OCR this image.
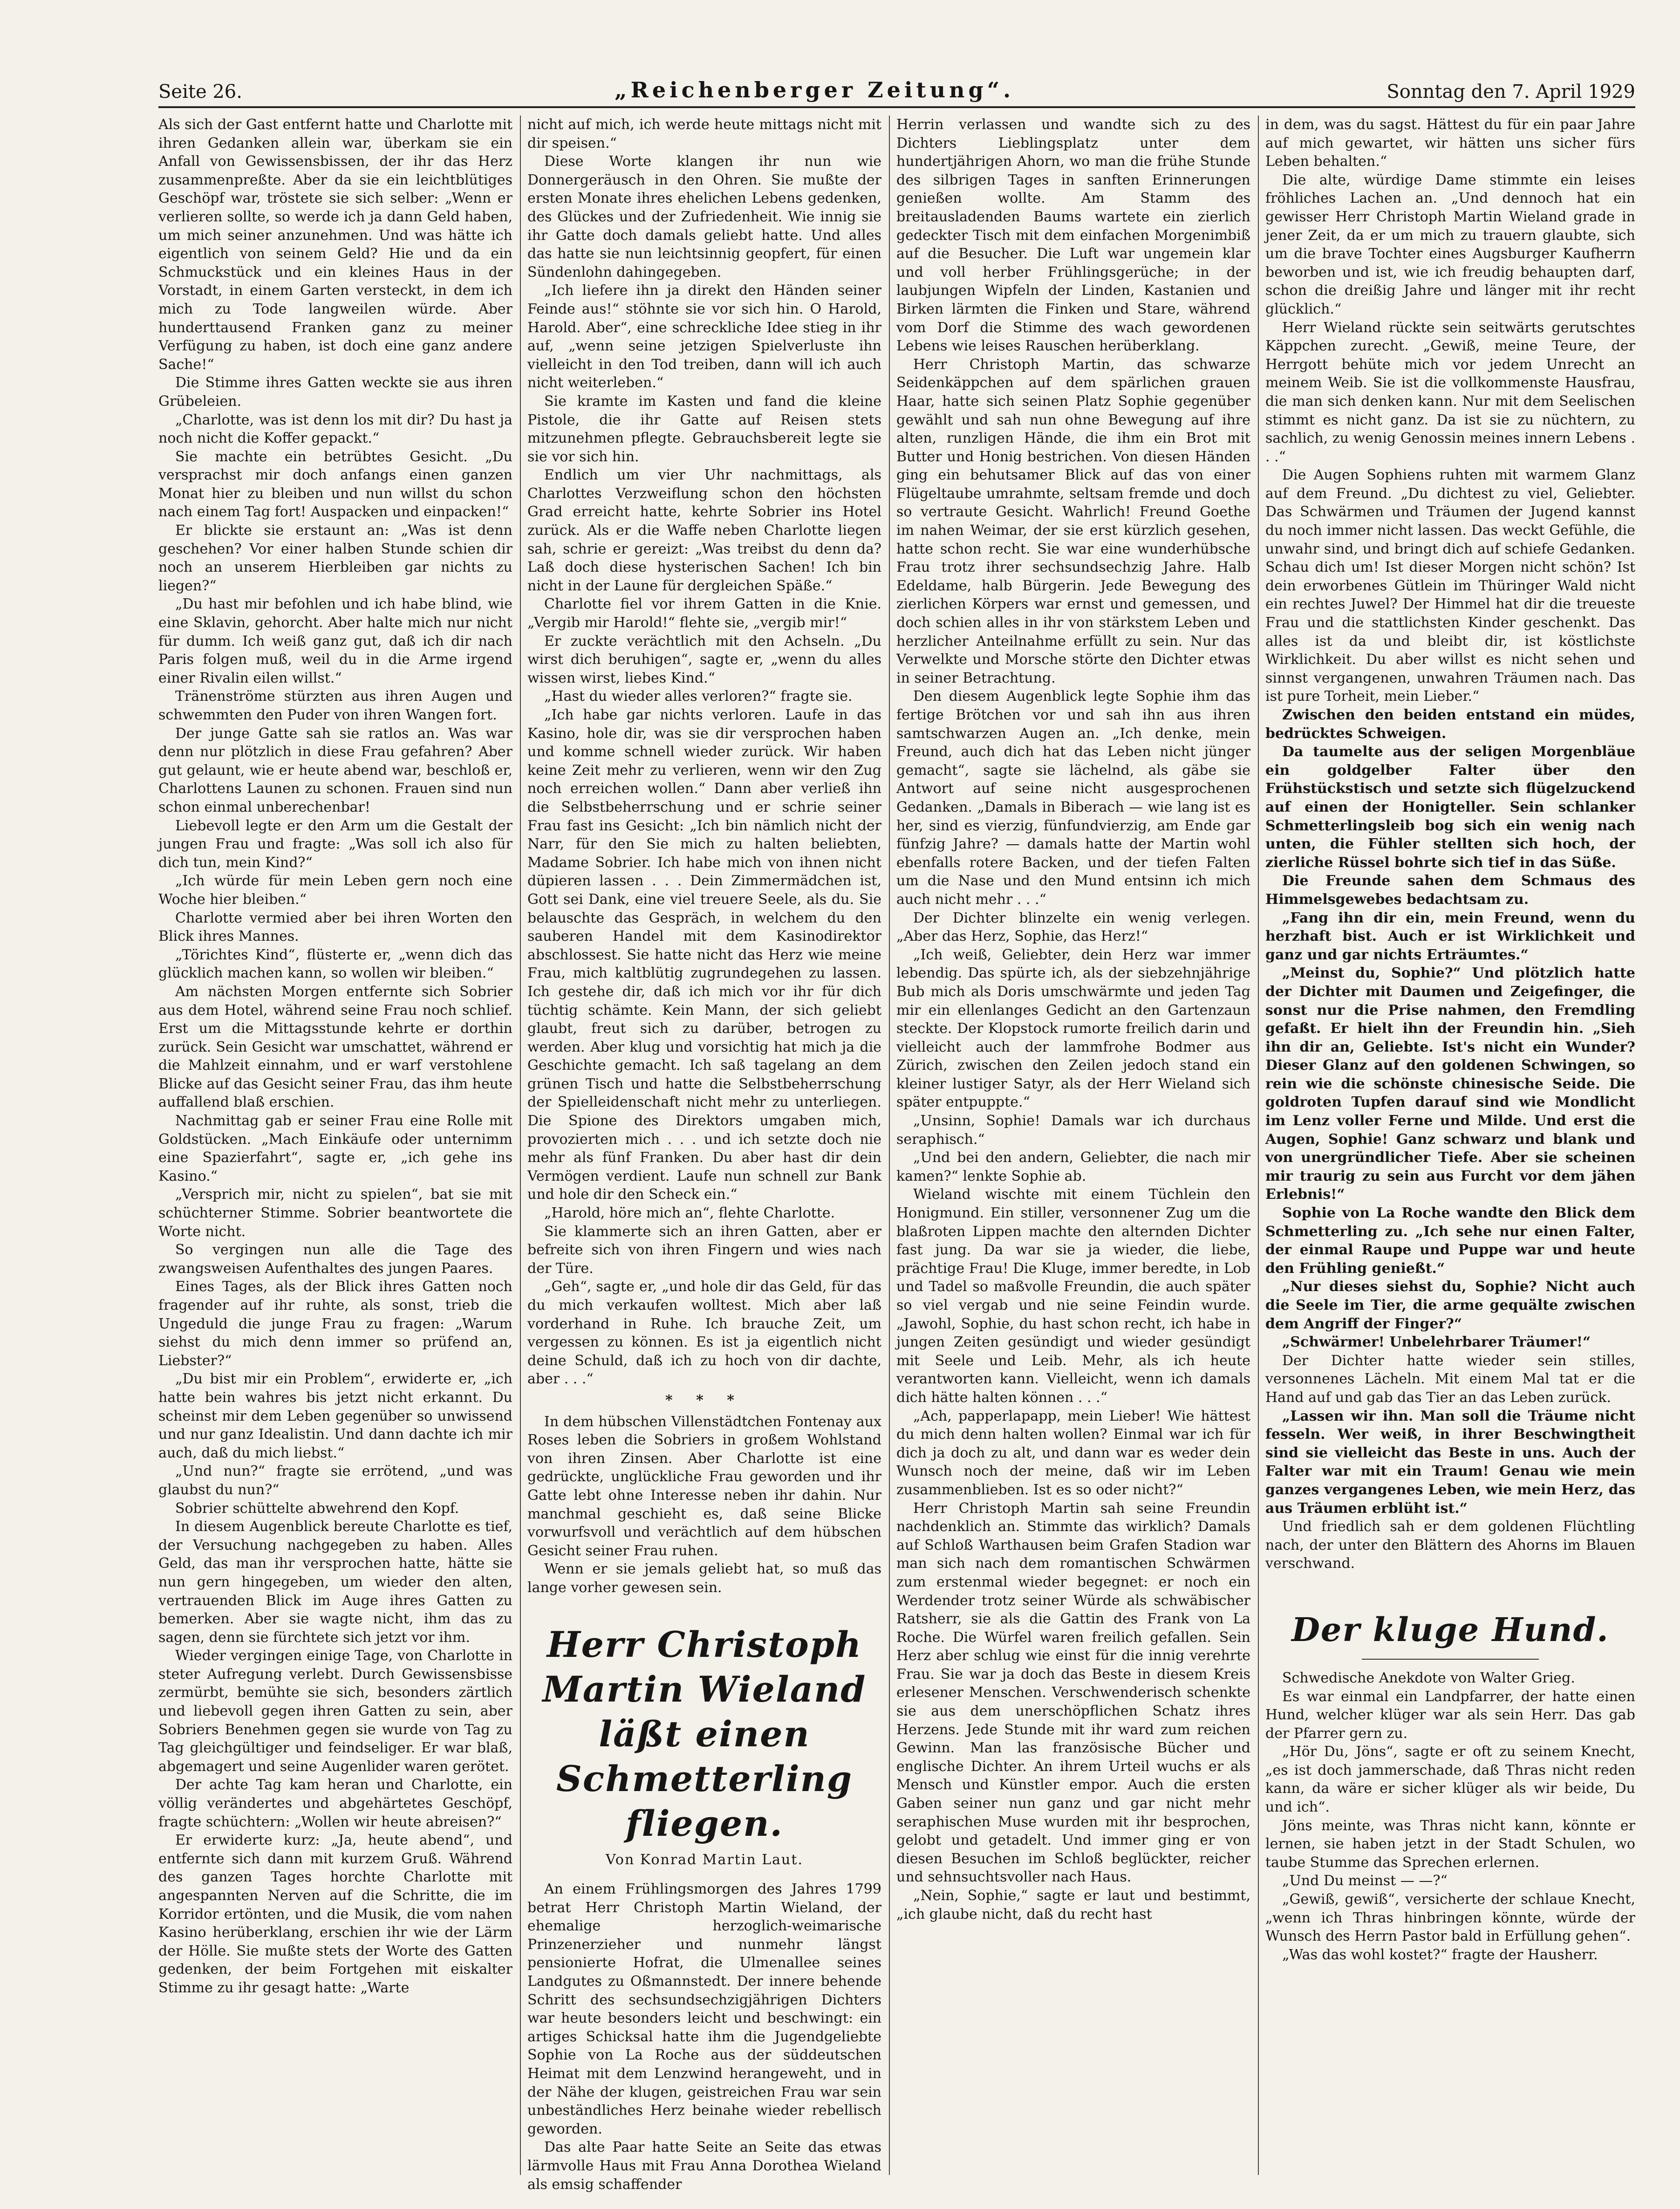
Seite 26.	„Reichenberger Zeitung“.	Sonntag den 7. April 1929

Als sich der Gast entfernt hatte und Charlotte mit ihren Gedanken allein war, überkam sie ein Anfall von Gewissensbissen, der ihr das Herz zusammenpreßte. Aber da sie ein leichtblütiges Geschöpf war, tröstete sie sich selber: „Wenn er verlieren sollte, so werde ich ja dann Geld haben, um mich seiner anzunehmen. Und was hätte ich eigentlich von seinem Geld? Hie und da ein Schmuckstück und ein kleines Haus in der Vorstadt, in einem Garten versteckt, in dem ich mich zu Tode langweilen würde. Aber hunderttausend Franken ganz zu meiner Verfügung zu haben, ist doch eine ganz andere Sache!“

Die Stimme ihres Gatten weckte sie aus ihren Grübeleien.

„Charlotte, was ist denn los mit dir? Du hast ja noch nicht die Koffer gepackt.“

Sie machte ein betrübtes Gesicht. „Du versprachst mir doch anfangs einen ganzen Monat hier zu bleiben und nun willst du schon nach einem Tag fort! Auspacken und einpacken!“

Er blickte sie erstaunt an: „Was ist denn geschehen? Vor einer halben Stunde schien dir noch an unserem Hierbleiben gar nichts zu liegen?“

„Du hast mir befohlen und ich habe blind, wie eine Sklavin, gehorcht. Aber halte mich nur nicht für dumm. Ich weiß ganz gut, daß ich dir nach Paris folgen muß, weil du in die Arme irgend einer Rivalin eilen willst.“

Tränenströme stürzten aus ihren Augen und schwemmten den Puder von ihren Wangen fort.

Der junge Gatte sah sie ratlos an. Was war denn nur plötzlich in diese Frau gefahren? Aber gut gelaunt, wie er heute abend war, beschloß er, Charlottens Launen zu schonen. Frauen sind nun schon einmal unberechenbar!

Liebevoll legte er den Arm um die Gestalt der jungen Frau und fragte: „Was soll ich also für dich tun, mein Kind?“

„Ich würde für mein Leben gern noch eine Woche hier bleiben.“

Charlotte vermied aber bei ihren Worten den Blick ihres Mannes.

„Törichtes Kind“, flüsterte er, „wenn dich das glücklich machen kann, so wollen wir bleiben.“

Am nächsten Morgen entfernte sich Sobrier aus dem Hotel, während seine Frau noch schlief. Erst um die Mittagsstunde kehrte er dorthin zurück. Sein Gesicht war umschattet, während er die Mahlzeit einnahm, und er warf verstohlene Blicke auf das Gesicht seiner Frau, das ihm heute auffallend blaß erschien.

Nachmittag gab er seiner Frau eine Rolle mit Goldstücken. „Mach Einkäufe oder unternimm eine Spazierfahrt“, sagte er, „ich gehe ins Kasino.“

„Versprich mir, nicht zu spielen“, bat sie mit schüchterner Stimme. Sobrier beantwortete die Worte nicht.

So vergingen nun alle die Tage des zwangsweisen Aufenthaltes des jungen Paares.

Eines Tages, als der Blick ihres Gatten noch fragender auf ihr ruhte, als sonst, trieb die Ungeduld die junge Frau zu fragen: „Warum siehst du mich denn immer so prüfend an, Liebster?“

„Du bist mir ein Problem“, erwiderte er, „ich hatte bein wahres bis jetzt nicht erkannt. Du scheinst mir dem Leben gegenüber so unwissend und nur ganz Idealistin. Und dann dachte ich mir auch, daß du mich liebst.“

„Und nun?“ fragte sie errötend, „und was glaubst du nun?“

Sobrier schüttelte abwehrend den Kopf.

In diesem Augenblick bereute Charlotte es tief, der Versuchung nachgegeben zu haben. Alles Geld, das man ihr versprochen hatte, hätte sie nun gern hingegeben, um wieder den alten, vertrauenden Blick im Auge ihres Gatten zu bemerken. Aber sie wagte nicht, ihm das zu sagen, denn sie fürchtete sich jetzt vor ihm.

Wieder vergingen einige Tage, von Charlotte in steter Aufregung verlebt. Durch Gewissensbisse zermürbt, bemühte sie sich, besonders zärtlich und liebevoll gegen ihren Gatten zu sein, aber Sobriers Benehmen gegen sie wurde von Tag zu Tag gleichgültiger und feindseliger. Er war blaß, abgemagert und seine Augenlider waren gerötet.

Der achte Tag kam heran und Charlotte, ein völlig verändertes und abgehärtetes Geschöpf, fragte schüchtern: „Wollen wir heute abreisen?“

Er erwiderte kurz: „Ja, heute abend“, und entfernte sich dann mit kurzem Gruß. Während des ganzen Tages horchte Charlotte mit angespannten Nerven auf die Schritte, die im Korridor ertönten, und die Musik, die vom nahen Kasino herüberklang, erschien ihr wie der Lärm der Hölle. Sie mußte stets der Worte des Gatten gedenken, der beim Fortgehen mit eiskalter Stimme zu ihr gesagt hatte: „Warte

nicht auf mich, ich werde heute mittags nicht mit dir speisen.“

Diese Worte klangen ihr nun wie Donnergeräusch in den Ohren. Sie mußte der ersten Monate ihres ehelichen Lebens gedenken, des Glückes und der Zufriedenheit. Wie innig sie ihr Gatte doch damals geliebt hatte. Und alles das hatte sie nun leichtsinnig geopfert, für einen Sündenlohn dahingegeben.

„Ich liefere ihn ja direkt den Händen seiner Feinde aus!“ stöhnte sie vor sich hin. O Harold, Harold. Aber“, eine schreckliche Idee stieg in ihr auf, „wenn seine jetzigen Spielverluste ihn vielleicht in den Tod treiben, dann will ich auch nicht weiterleben.“

Sie kramte im Kasten und fand die kleine Pistole, die ihr Gatte auf Reisen stets mitzunehmen pflegte. Gebrauchsbereit legte sie sie vor sich hin.

Endlich um vier Uhr nachmittags, als Charlottes Verzweiflung schon den höchsten Grad erreicht hatte, kehrte Sobrier ins Hotel zurück. Als er die Waffe neben Charlotte liegen sah, schrie er gereizt: „Was treibst du denn da? Laß doch diese hysterischen Sachen! Ich bin nicht in der Laune für dergleichen Späße.“

Charlotte fiel vor ihrem Gatten in die Knie. „Vergib mir Harold!“ flehte sie, „vergib mir!“

Er zuckte verächtlich mit den Achseln. „Du wirst dich beruhigen“, sagte er, „wenn du alles wissen wirst, liebes Kind.“

„Hast du wieder alles verloren?“ fragte sie.

„Ich habe gar nichts verloren. Laufe in das Kasino, hole dir, was sie dir versprochen haben und komme schnell wieder zurück. Wir haben keine Zeit mehr zu verlieren, wenn wir den Zug noch erreichen wollen.“ Dann aber verließ ihn die Selbstbeherrschung und er schrie seiner Frau fast ins Gesicht: „Ich bin nämlich nicht der Narr, für den Sie mich zu halten beliebten, Madame Sobrier. Ich habe mich von ihnen nicht düpieren lassen . . . Dein Zimmermädchen ist, Gott sei Dank, eine viel treuere Seele, als du. Sie belauschte das Gespräch, in welchem du den sauberen Handel mit dem Kasinodirektor abschlossest. Sie hatte nicht das Herz wie meine Frau, mich kaltblütig zugrundegehen zu lassen. Ich gestehe dir, daß ich mich vor ihr für dich tüchtig schämte. Kein Mann, der sich geliebt glaubt, freut sich zu darüber, betrogen zu werden. Aber klug und vorsichtig hat mich ja die Geschichte gemacht. Ich saß tagelang an dem grünen Tisch und hatte die Selbstbeherrschung der Spielleidenschaft nicht mehr zu unterliegen. Die Spione des Direktors umgaben mich, provozierten mich . . . und ich setzte doch nie mehr als fünf Franken. Du aber hast dir dein Vermögen verdient. Laufe nun schnell zur Bank und hole dir den Scheck ein.“

„Harold, höre mich an“, flehte Charlotte.

Sie klammerte sich an ihren Gatten, aber er befreite sich von ihren Fingern und wies nach der Türe.

„Geh“, sagte er, „und hole dir das Geld, für das du mich verkaufen wolltest. Mich aber laß vorderhand in Ruhe. Ich brauche Zeit, um vergessen zu können. Es ist ja eigentlich nicht deine Schuld, daß ich zu hoch von dir dachte, aber . . .“

* * *

In dem hübschen Villenstädtchen Fontenay aux Roses leben die Sobriers in großem Wohlstand von ihren Zinsen. Aber Charlotte ist eine gedrückte, unglückliche Frau geworden und ihr Gatte lebt ohne Interesse neben ihr dahin. Nur manchmal geschieht es, daß seine Blicke vorwurfsvoll und verächtlich auf dem hübschen Gesicht seiner Frau ruhen.

Wenn er sie jemals geliebt hat, so muß das lange vorher gewesen sein.

Herr Christoph Martin Wieland läßt einen Schmetterling fliegen.
Von Konrad Martin Laut.

An einem Frühlingsmorgen des Jahres 1799 betrat Herr Christoph Martin Wieland, der ehemalige herzoglich-weimarische Prinzenerzieher und nunmehr längst pensionierte Hofrat, die Ulmenallee seines Landgutes zu Oßmannstedt. Der innere behende Schritt des sechsundsechzigjährigen Dichters war heute besonders leicht und beschwingt: ein artiges Schicksal hatte ihm die Jugendgeliebte Sophie von La Roche aus der süddeutschen Heimat mit dem Lenzwind herangeweht, und in der Nähe der klugen, geistreichen Frau war sein unbeständliches Herz beinahe wieder rebellisch geworden.

Das alte Paar hatte Seite an Seite das etwas lärmvolle Haus mit Frau Anna Dorothea Wieland als emsig schaffender

Herrin verlassen und wandte sich zu des Dichters Lieblingsplatz unter dem hundertjährigen Ahorn, wo man die frühe Stunde des silbrigen Tages in sanften Erinnerungen genießen wollte. Am Stamm des breitausladenden Baums wartete ein zierlich gedeckter Tisch mit dem einfachen Morgenimbiß auf die Besucher. Die Luft war ungemein klar und voll herber Frühlingsgerüche; in der laubjungen Wipfeln der Linden, Kastanien und Birken lärmten die Finken und Stare, während vom Dorf die Stimme des wach gewordenen Lebens wie leises Rauschen herüberklang.

Herr Christoph Martin, das schwarze Seidenkäppchen auf dem spärlichen grauen Haar, hatte sich seinen Platz Sophie gegenüber gewählt und sah nun ohne Bewegung auf ihre alten, runzligen Hände, die ihm ein Brot mit Butter und Honig bestrichen. Von diesen Händen ging ein behutsamer Blick auf das von einer Flügeltaube umrahmte, seltsam fremde und doch so vertraute Gesicht. Wahrlich! Freund Goethe im nahen Weimar, der sie erst kürzlich gesehen, hatte schon recht. Sie war eine wunderhübsche Frau trotz ihrer sechsundsechzig Jahre. Halb Edeldame, halb Bürgerin. Jede Bewegung des zierlichen Körpers war ernst und gemessen, und doch schien alles in ihr von stärkstem Leben und herzlicher Anteilnahme erfüllt zu sein. Nur das Verwelkte und Morsche störte den Dichter etwas in seiner Betrachtung.

Den diesem Augenblick legte Sophie ihm das fertige Brötchen vor und sah ihn aus ihren samtschwarzen Augen an. „Ich denke, mein Freund, auch dich hat das Leben nicht jünger gemacht“, sagte sie lächelnd, als gäbe sie Antwort auf seine nicht ausgesprochenen Gedanken. „Damals in Biberach — wie lang ist es her, sind es vierzig, fünfundvierzig, am Ende gar fünfzig Jahre? — damals hatte der Martin wohl ebenfalls rotere Backen, und der tiefen Falten um die Nase und den Mund entsinn ich mich auch nicht mehr . . .“

Der Dichter blinzelte ein wenig verlegen. „Aber das Herz, Sophie, das Herz!“

„Ich weiß, Geliebter, dein Herz war immer lebendig. Das spürte ich, als der siebzehnjährige Bub mich als Doris umschwärmte und jeden Tag mir ein ellenlanges Gedicht an den Gartenzaun steckte. Der Klopstock rumorte freilich darin und vielleicht auch der lammfrohe Bodmer aus Zürich, zwischen den Zeilen jedoch stand ein kleiner lustiger Satyr, als der Herr Wieland sich später entpuppte.“

„Unsinn, Sophie! Damals war ich durchaus seraphisch.“

„Und bei den andern, Geliebter, die nach mir kamen?“ lenkte Sophie ab.

Wieland wischte mit einem Tüchlein den Honigmund. Ein stiller, versonnener Zug um die blaßroten Lippen machte den alternden Dichter fast jung. Da war sie ja wieder, die liebe, prächtige Frau! Die Kluge, immer beredte, in Lob und Tadel so maßvolle Freundin, die auch später so viel vergab und nie seine Feindin wurde. „Jawohl, Sophie, du hast schon recht, ich habe in jungen Zeiten gesündigt und wieder gesündigt mit Seele und Leib. Mehr, als ich heute verantworten kann. Vielleicht, wenn ich damals dich hätte halten können . . .“

„Ach, papperlapapp, mein Lieber! Wie hättest du mich denn halten wollen? Einmal war ich für dich ja doch zu alt, und dann war es weder dein Wunsch noch der meine, daß wir im Leben zusammenblieben. Ist es so oder nicht?“

Herr Christoph Martin sah seine Freundin nachdenklich an. Stimmte das wirklich? Damals auf Schloß Warthausen beim Grafen Stadion war man sich nach dem romantischen Schwärmen zum erstenmal wieder begegnet: er noch ein Werdender trotz seiner Würde als schwäbischer Ratsherr, sie als die Gattin des Frank von La Roche. Die Würfel waren freilich gefallen. Sein Herz aber schlug wie einst für die innig verehrte Frau. Sie war ja doch das Beste in diesem Kreis erlesener Menschen. Verschwenderisch schenkte sie aus dem unerschöpflichen Schatz ihres Herzens. Jede Stunde mit ihr ward zum reichen Gewinn. Man las französische Bücher und englische Dichter. An ihrem Urteil wuchs er als Mensch und Künstler empor. Auch die ersten Gaben seiner nun ganz und gar nicht mehr seraphischen Muse wurden mit ihr besprochen, gelobt und getadelt. Und immer ging er von diesen Besuchen im Schloß beglückter, reicher und sehnsuchtsvoller nach Haus.

„Nein, Sophie,“ sagte er laut und bestimmt, „ich glaube nicht, daß du recht hast

in dem, was du sagst. Hättest du für ein paar Jahre auf mich gewartet, wir hätten uns sicher fürs Leben behalten.“

Die alte, würdige Dame stimmte ein leises fröhliches Lachen an. „Und dennoch hat ein gewisser Herr Christoph Martin Wieland grade in jener Zeit, da er um mich zu trauern glaubte, sich um die brave Tochter eines Augsburger Kaufherrn beworben und ist, wie ich freudig behaupten darf, schon die dreißig Jahre und länger mit ihr recht glücklich.“

Herr Wieland rückte sein seitwärts gerutschtes Käppchen zurecht. „Gewiß, meine Teure, der Herrgott behüte mich vor jedem Unrecht an meinem Weib. Sie ist die vollkommenste Hausfrau, die man sich denken kann. Nur mit dem Seelischen stimmt es nicht ganz. Da ist sie zu nüchtern, zu sachlich, zu wenig Genossin meines innern Lebens . . .“

Die Augen Sophiens ruhten mit warmem Glanz auf dem Freund. „Du dichtest zu viel, Geliebter. Das Schwärmen und Träumen der Jugend kannst du noch immer nicht lassen. Das weckt Gefühle, die unwahr sind, und bringt dich auf schiefe Gedanken. Schau dich um! Ist dieser Morgen nicht schön? Ist dein erworbenes Gütlein im Thüringer Wald nicht ein rechtes Juwel? Der Himmel hat dir die treueste Frau und die stattlichsten Kinder geschenkt. Das alles ist da und bleibt dir, ist köstlichste Wirklichkeit. Du aber willst es nicht sehen und sinnst vergangenen, unwahren Träumen nach. Das ist pure Torheit, mein Lieber.“

Zwischen den beiden entstand ein müdes, bedrücktes Schweigen.

Da taumelte aus der seligen Morgenbläue ein goldgelber Falter über den Frühstückstisch und setzte sich flügelzuckend auf einen der Honigteller. Sein schlanker Schmetterlingsleib bog sich ein wenig nach unten, die Fühler stellten sich hoch, der zierliche Rüssel bohrte sich tief in das Süße.

Die Freunde sahen dem Schmaus des Himmelsgewebes bedachtsam zu.

„Fang ihn dir ein, mein Freund, wenn du herzhaft bist. Auch er ist Wirklichkeit und ganz und gar nichts Erträumtes.“

„Meinst du, Sophie?“ Und plötzlich hatte der Dichter mit Daumen und Zeigefinger, die sonst nur die Prise nahmen, den Fremdling gefaßt. Er hielt ihn der Freundin hin. „Sieh ihn dir an, Geliebte. Ist's nicht ein Wunder? Dieser Glanz auf den goldenen Schwingen, so rein wie die schönste chinesische Seide. Die goldroten Tupfen darauf sind wie Mondlicht im Lenz voller Ferne und Milde. Und erst die Augen, Sophie! Ganz schwarz und blank und von unergründlicher Tiefe. Aber sie scheinen mir traurig zu sein aus Furcht vor dem jähen Erlebnis!“

Sophie von La Roche wandte den Blick dem Schmetterling zu. „Ich sehe nur einen Falter, der einmal Raupe und Puppe war und heute den Frühling genießt.“

„Nur dieses siehst du, Sophie? Nicht auch die Seele im Tier, die arme gequälte zwischen dem Angriff der Finger?“

„Schwärmer! Unbelehrbarer Träumer!“

Der Dichter hatte wieder sein stilles, versonnenes Lächeln. Mit einem Mal tat er die Hand auf und gab das Tier an das Leben zurück.

„Lassen wir ihn. Man soll die Träume nicht fesseln. Wer weiß, in ihrer Beschwingtheit sind sie vielleicht das Beste in uns. Auch der Falter war mit ein Traum! Genau wie mein ganzes vergangenes Leben, wie mein Herz, das aus Träumen erblüht ist.“

Und friedlich sah er dem goldenen Flüchtling nach, der unter den Blättern des Ahorns im Blauen verschwand.

Der kluge Hund.

Schwedische Anekdote von Walter Grieg.

Es war einmal ein Landpfarrer, der hatte einen Hund, welcher klüger war als sein Herr. Das gab der Pfarrer gern zu.

„Hör Du, Jöns“, sagte er oft zu seinem Knecht, „es ist doch jammerschade, daß Thras nicht reden kann, da wäre er sicher klüger als wir beide, Du und ich“.

Jöns meinte, was Thras nicht kann, könnte er lernen, sie haben jetzt in der Stadt Schulen, wo taube Stumme das Sprechen erlernen.

„Und Du meinst — —?“

„Gewiß, gewiß“, versicherte der schlaue Knecht, „wenn ich Thras hinbringen könnte, würde der Wunsch des Herrn Pastor bald in Erfüllung gehen“.

„Was das wohl kostet?“ fragte der Hausherr.
